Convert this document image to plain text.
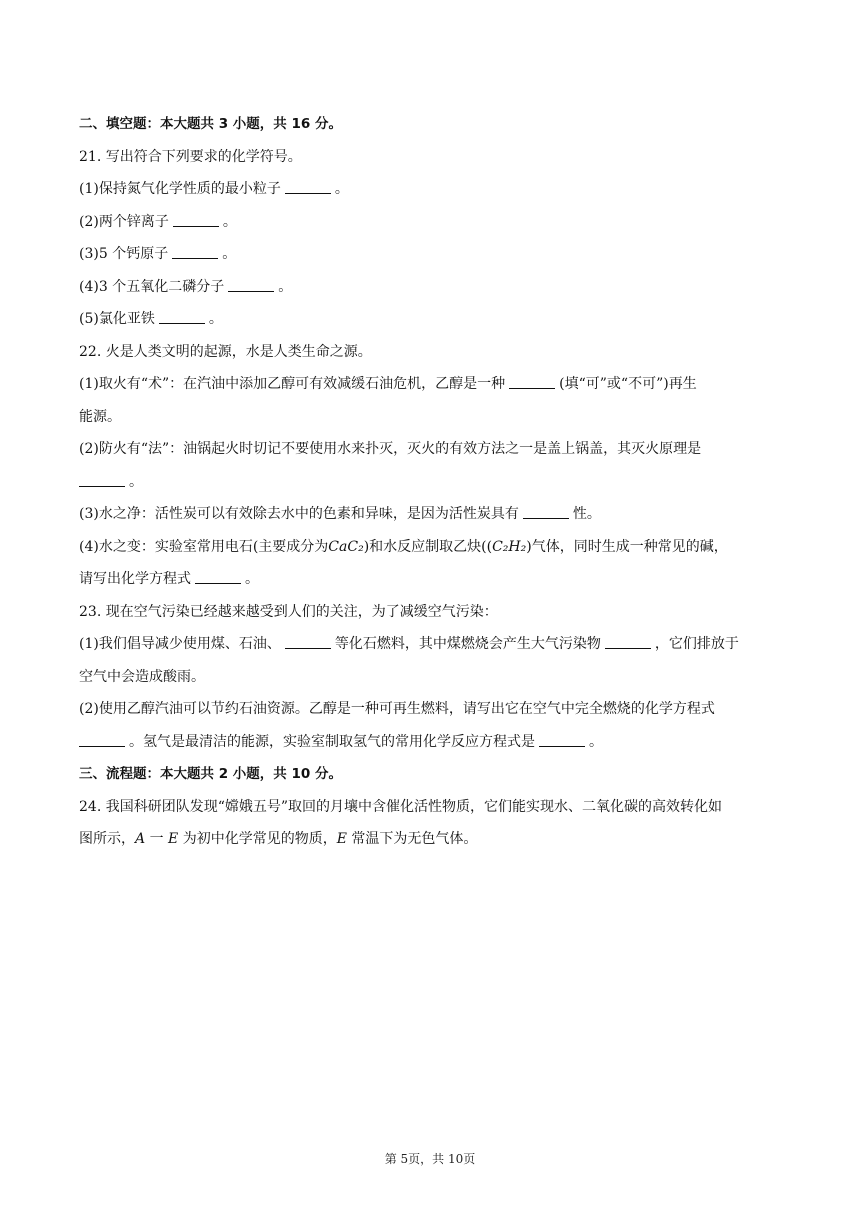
二、填空题：本大题共 3 小题，共 16 分。
21. 写出符合下列要求的化学符号。
(1)保持氮气化学性质的最小粒子	。
(2)两个锌离子	。
(3)5 个钙原子	。
(4)3 个五氧化二磷分子	。
(5)氯化亚铁	。
22. 火是人类文明的起源，水是人类生命之源。
(1)取火有“术”：在汽油中添加乙醇可有效减缓石油危机，乙醇是一种	(填“可”或“不可”)再生
能源。
(2)防火有“法”：油锅起火时切记不要使用水来扑灭，灭火的有效方法之一是盖上锅盖，其灭火原理是
。
(3)水之净：活性炭可以有效除去水中的色素和异味，是因为活性炭具有	性。
(4)水之变：实验室常用电石(主要成分为CaC₂)和水反应制取乙炔((C₂H₂)气体，同时生成一种常见的碱，
请写出化学方程式	。
23. 现在空气污染已经越来越受到人们的关注，为了减缓空气污染：
(1)我们倡导减少使用煤、石油、	等化石燃料，其中煤燃烧会产生大气污染物	，它们排放于
空气中会造成酸雨。
(2)使用乙醇汽油可以节约石油资源。乙醇是一种可再生燃料，请写出它在空气中完全燃烧的化学方程式
。氢气是最清洁的能源，实验室制取氢气的常用化学反应方程式是	。
三、流程题：本大题共 2 小题，共 10 分。
24. 我国科研团队发现“嫦娥五号”取回的月壤中含催化活性物质，它们能实现水、二氧化碳的高效转化如
图所示，A 一 E 为初中化学常见的物质，E 常温下为无色气体。
第 5页，共 10页
